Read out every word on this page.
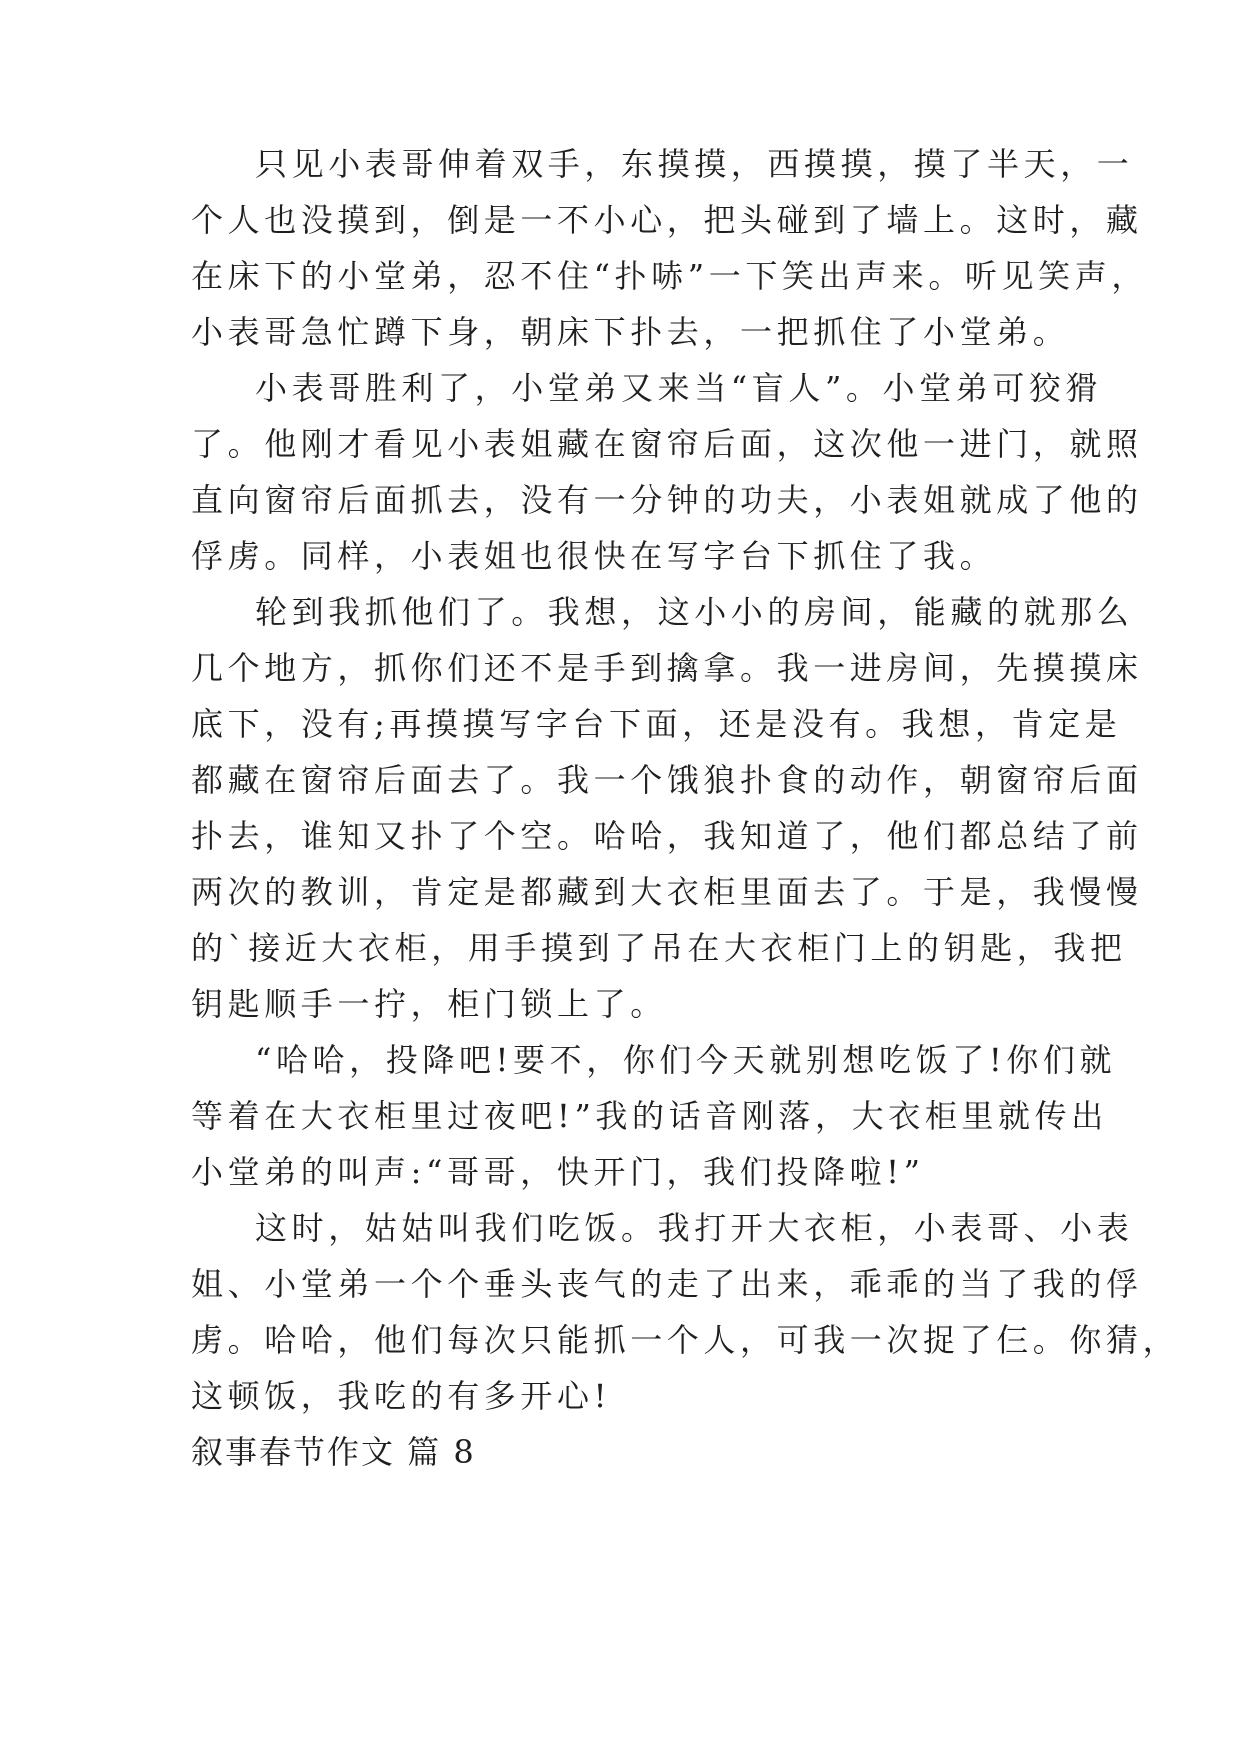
只见小表哥伸着双手，东摸摸，西摸摸，摸了半天，一
个人也没摸到，倒是一不小心，把头碰到了墙上。这时，藏
在床下的小堂弟，忍不住“扑哧”一下笑出声来。听见笑声，
小表哥急忙蹲下身，朝床下扑去，一把抓住了小堂弟。
小表哥胜利了，小堂弟又来当“盲人”。小堂弟可狡猾
了。他刚才看见小表姐藏在窗帘后面，这次他一进门，就照
直向窗帘后面抓去，没有一分钟的功夫，小表姐就成了他的
俘虏。同样，小表姐也很快在写字台下抓住了我。
轮到我抓他们了。我想，这小小的房间，能藏的就那么
几个地方，抓你们还不是手到擒拿。我一进房间，先摸摸床
底下，没有;再摸摸写字台下面，还是没有。我想，肯定是
都藏在窗帘后面去了。我一个饿狼扑食的动作，朝窗帘后面
扑去，谁知又扑了个空。哈哈，我知道了，他们都总结了前
两次的教训，肯定是都藏到大衣柜里面去了。于是，我慢慢
的`接近大衣柜，用手摸到了吊在大衣柜门上的钥匙，我把
钥匙顺手一拧，柜门锁上了。
“哈哈，投降吧!要不，你们今天就别想吃饭了!你们就
等着在大衣柜里过夜吧!”我的话音刚落，大衣柜里就传出
小堂弟的叫声:“哥哥，快开门，我们投降啦!”
这时，姑姑叫我们吃饭。我打开大衣柜，小表哥、小表
姐、小堂弟一个个垂头丧气的走了出来，乖乖的当了我的俘
虏。哈哈，他们每次只能抓一个人，可我一次捉了仨。你猜，
这顿饭，我吃的有多开心!
叙事春节作文 篇 8
